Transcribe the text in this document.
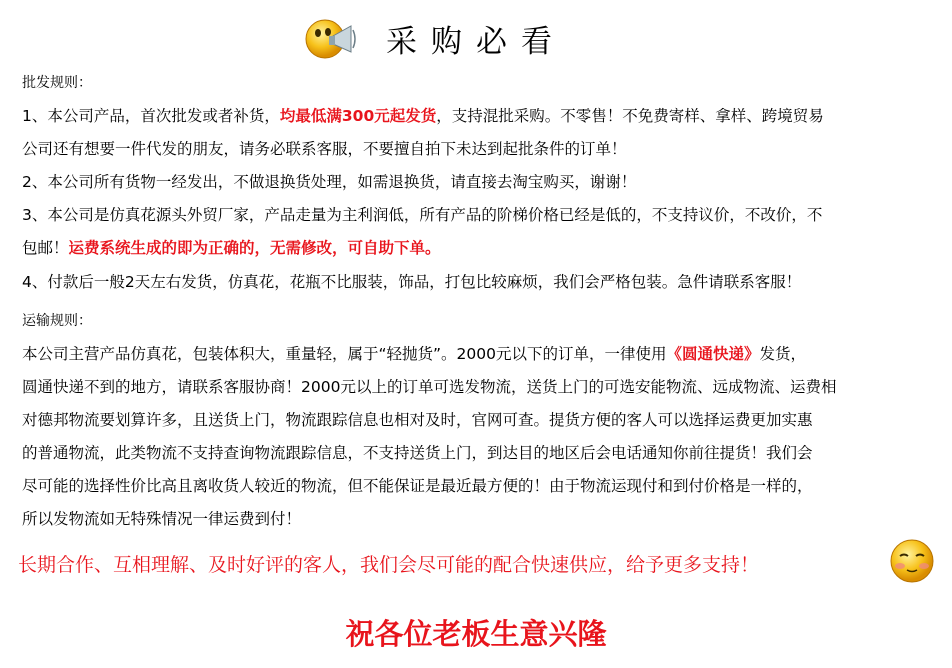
采购必看
批发规则：
1、本公司产品，首次批发或者补货，均最低满300元起发货，支持混批采购。不零售！不免费寄样、拿样、跨境贸易
公司还有想要一件代发的朋友，请务必联系客服，不要擅自拍下未达到起批条件的订单！
2、本公司所有货物一经发出，不做退换货处理，如需退换货，请直接去淘宝购买，谢谢！
3、本公司是仿真花源头外贸厂家，产品走量为主利润低，所有产品的阶梯价格已经是低的，不支持议价，不改价，不
包邮！运费系统生成的即为正确的，无需修改，可自助下单。
4、付款后一般2天左右发货，仿真花，花瓶不比服装，饰品，打包比较麻烦，我们会严格包装。急件请联系客服！
运输规则：
本公司主营产品仿真花，包装体积大，重量轻，属于“轻抛货”。2000元以下的订单，一律使用《圆通快递》发货，
圆通快递不到的地方，请联系客服协商！2000元以上的订单可选发物流，送货上门的可选安能物流、远成物流、运费相
对德邦物流要划算许多，且送货上门，物流跟踪信息也相对及时，官网可查。提货方便的客人可以选择运费更加实惠
的普通物流，此类物流不支持查询物流跟踪信息，不支持送货上门，到达目的地区后会电话通知你前往提货！我们会
尽可能的选择性价比高且离收货人较近的物流，但不能保证是最近最方便的！由于物流运现付和到付价格是一样的，
所以发物流如无特殊情况一律运费到付！
长期合作、互相理解、及时好评的客人，我们会尽可能的配合快速供应，给予更多支持！
祝各位老板生意兴隆
